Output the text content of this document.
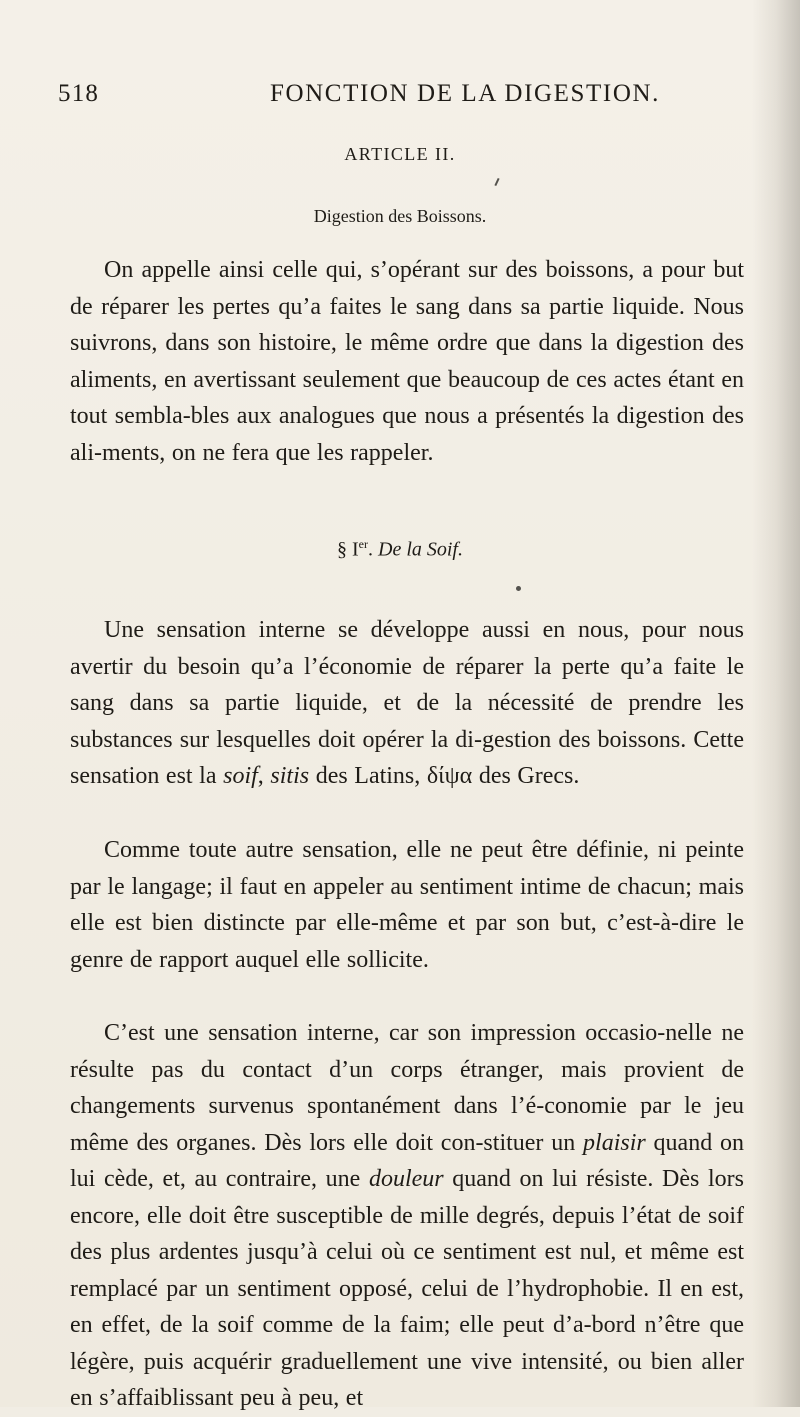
518	FONCTION DE LA DIGESTION.
ARTICLE II.
Digestion des Boissons.
On appelle ainsi celle qui, s’opérant sur des boissons, a pour but de réparer les pertes qu’a faites le sang dans sa partie liquide. Nous suivrons, dans son histoire, le même ordre que dans la digestion des aliments, en avertissant seulement que beaucoup de ces actes étant en tout sembla-bles aux analogues que nous a présentés la digestion des ali-ments, on ne fera que les rappeler.
§ Ier. De la Soif.
Une sensation interne se développe aussi en nous, pour nous avertir du besoin qu’a l’économie de réparer la perte qu’a faite le sang dans sa partie liquide, et de la nécessité de prendre les substances sur lesquelles doit opérer la di-gestion des boissons. Cette sensation est la soif, sitis des Latins, δίψα des Grecs.
Comme toute autre sensation, elle ne peut être définie, ni peinte par le langage; il faut en appeler au sentiment intime de chacun; mais elle est bien distincte par elle-même et par son but, c’est-à-dire le genre de rapport auquel elle sollicite.
C’est une sensation interne, car son impression occasio-nelle ne résulte pas du contact d’un corps étranger, mais provient de changements survenus spontanément dans l’é-conomie par le jeu même des organes. Dès lors elle doit con-stituer un plaisir quand on lui cède, et, au contraire, une douleur quand on lui résiste. Dès lors encore, elle doit être susceptible de mille degrés, depuis l’état de soif des plus ardentes jusqu’à celui où ce sentiment est nul, et même est remplacé par un sentiment opposé, celui de l’hydrophobie. Il en est, en effet, de la soif comme de la faim; elle peut d’a-bord n’être que légère, puis acquérir graduellement une vive intensité, ou bien aller en s’affaiblissant peu à peu, et
